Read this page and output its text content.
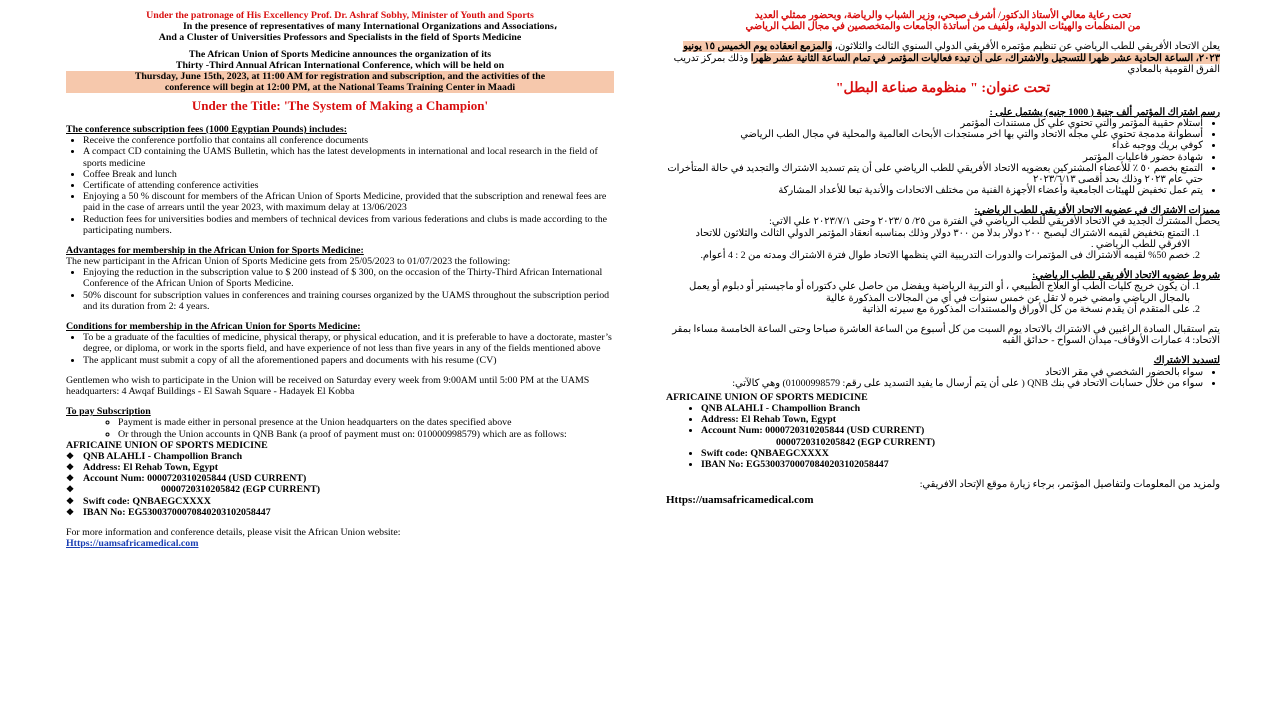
Under the patronage of His Excellency Prof. Dr. Ashraf Sobhy, Minister of Youth and Sports
In the presence of representatives of many International Organizations and Associations،
And a Cluster of Universities Professors and Specialists in the field of Sports Medicine
The African Union of Sports Medicine announces the organization of its
Thirty -Third Annual African International Conference, which will be held on
Thursday, June 15th, 2023, at 11:00 AM for registration and subscription, and the activities of the
conference will begin at 12:00 PM, at the National Teams Training Center in Maadi
Under the Title: 'The System of Making a Champion'

The conference subscription fees (1000 Egyptian Pounds) includes:

• Receive the conference portfolio that contains all conference documents
• A compact CD containing the UAMS Bulletin, which has the latest developments in international and local research in the field of sports medicine
• Coffee Break and lunch
• Certificate of attending conference activities
• Enjoying a 50 % discount for members of the African Union of Sports Medicine, provided that the subscription and renewal fees are paid in the case of arrears until the year 2023, with maximum delay at 13/06/2023
• Reduction fees for universities bodies and members of technical devices from various federations and clubs is made according to the participating numbers.

Advantages for membership in the African Union for Sports Medicine:

The new participant in the African Union of Sports Medicine gets from 25/05/2023 to 01/07/2023 the following:
• Enjoying the reduction in the subscription value to $ 200 instead of $ 300, on the occasion of the Thirty-Third African International Conference of the African Union of Sports Medicine.
• 50% discount for subscription values in conferences and training courses organized by the UAMS throughout the subscription period and its duration from 2: 4 years.

Conditions for membership in the African Union for Sports Medicine:

• To be a graduate of the faculties of medicine, physical therapy, or physical education, and it is preferable to have a doctorate, master’s degree, or diploma, or work in the sports field, and have experience of not less than five years in any of the fields mentioned above
• The applicant must submit a copy of all the aforementioned papers and documents with his resume (CV)
Gentlemen who wish to participate in the Union will be received on Saturday every week from 9:00AM until 5:00 PM at the UAMS headquarters: 4 Awqaf Buildings - El Sawah Square - Hadayek El Kobba

To pay Subscription

◦ Payment is made either in personal presence at the Union headquarters on the dates specified above
◦ Or through the Union accounts in QNB Bank (a proof of payment must on: 010000998579) which are as follows:
AFRICAINE UNION OF SPORTS MEDICINE
❖ QNB ALAHLI - Champollion Branch
❖ Address: El Rehab Town, Egypt
❖ Account Num: 0000720310205844 (USD CURRENT)
❖ 0000720310205842 (EGP CURRENT)
❖ Swift code: QNBAEGCXXXX
❖ IBAN No: EG530037000708402031020584​47
For more information and conference details, please visit the African Union website:
Https://uamsafricamedical.com
تحت رعاية معالي الأستاذ الدكتور/ أشرف صبحي، وزير الشباب والرياضة، وبحضور ممثلي العديد
من المنظمات والهيئات الدولية، ولفيف من أساتذة الجامعات والمتخصصين في مجال الطب الرياضي
يعلن الاتحاد الأفريقي للطب الرياضي عن تنظيم مؤتمره الأفريقي الدولي السنوي الثالث والثلاثون، والمزمع انعقاده يوم الخميس ١٥ يونيو ٢٠٢٣، الساعة الحادية عشر ظهرا للتسجيل والاشتراك، على أن تبدء فعاليات المؤتمر في تمام الساعة الثانية عشر ظهرا وذلك بمركز تدريب الفرق القومية بالمعادي
تحت عنوان: " منظومة صناعة البطل"

رسم اشتراك المؤتمر ألف جنية ( 1000 جنيه) يشتمل على :

• استلام حقيبة المؤتمر والتي تحتوي علي كل مستندات المؤتمر
• أسطوانة مدمجة تحتوي علي مجله الاتحاد والتي بها اخر مستجدات الأبحاث العالمية والمحلية في مجال الطب الرياضي
• كوفي بريك ووجبه غداء
• شهادة حضور فاعليات المؤتمر
• التمتع بخصم ٥٠ ٪ للأعضاء المشتركين بعضويه الاتحاد الأفريقي للطب الرياضي على أن يتم تسديد الاشتراك والتجديد في حالة المتأخرات حتي عام ٢٠٢٣ وذلك بحد أقصى ٢٠٢٣/٦/١٣
• يتم عمل تخفيض للهيئات الجامعية وأعضاء الأجهزة الفنية من مختلف الاتحادات والأندية تبعا للأعداد المشاركة

مميزات الاشتراك في عضويه الاتحاد الأفريقي للطب الرياضي:

يحصل المشترك الجديد في الاتحاد الأفريقي للطب الرياضي في الفترة من ٢٥/ ٥ /٢٠٢٣ وحتى ٢٠٢٣/٧/١ علي الاتي:
1. التمتع بتخفيض لقيمه الاشتراك ليصبح ٢٠٠ دولار بدلا من ٣٠٠ دولار وذلك بمناسبه انعقاد المؤتمر الدولي الثالث والثلاثون للاتحاد الافرقي للطب الرياضي .
2. خصم 50% لقيمه الاشتراك فى المؤتمرات والدورات التدريبية التي ينظمها الاتحاد طوال فترة الاشتراك ومدته من 2 : 4 أعوام.

شروط عضويه الاتحاد الأفريقي للطب الرياضي:

1. أن يكون خريج كليات الطب أو العلاج الطبيعي ، أو التربية الرياضية ويفضل من حاصل علي دكتوراه أو ماجيستير أو دبلوم أو يعمل بالمجال الرياضي وامضي خبره لا تقل عن خمس سنوات في أي من المجالات المذكورة عالية
2. على المتقدم أن يقدم نسخة من كل الأوراق والمستندات المذكورة مع سيرته الذاتية
يتم استقبال السادة الراغبين في الاشتراك بالاتحاد يوم السبت من كل أسبوع من الساعة العاشرة صباحا وحتى الساعة الخامسة مساءا بمقر الاتحاد: 4 عمارات الأوقاف- ميدان السواح - حدائق القبه

لتسديد الاشتراك

• سواء بالحضور الشخصي في مقر الاتحاد
• سواء من خلال حسابات الاتحاد في بنك QNB ( على أن يتم أرسال ما يفيد التسديد على رقم: 01000998579) وهي كالآتي:
AFRICAINE UNION OF SPORTS MEDICINE
• QNB ALAHLI - Champollion Branch
• Address: El Rehab Town, Egypt
• Account Num: 0000720310205844 (USD CURRENT)
0000720310205842 (EGP CURRENT)
• Swift code: QNBAEGCXXXX
• IBAN No: EG530037000708402031020584​47
ولمزيد من المعلومات ولتفاصيل المؤتمر، برجاء زيارة موقع الإتحاد الافريقي:
Https://uamsafricamedical.com
